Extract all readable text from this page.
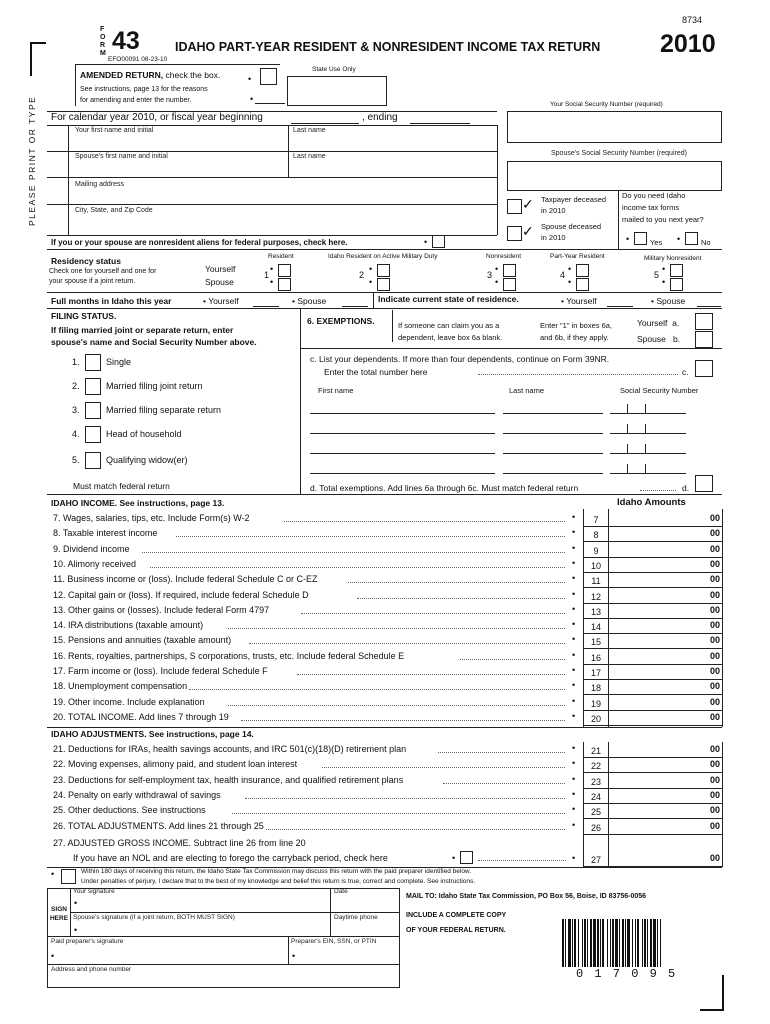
8734
F
O
R
M 43
EFO00091 08-23-10
IDAHO PART-YEAR RESIDENT & NONRESIDENT INCOME TAX RETURN 2010
AMENDED RETURN, check the box.	•
See instructions, page 13 for the reasons
for amending and enter the number.	•
State Use Only
Your Social Security Number (required)
For calendar year 2010, or fiscal year beginning	, ending
PLEASE PRINT OR TYPE	Your first name and initial	Last name
Spouse's first name and initial	Last name	Spouse's Social Security Number (required)
Mailing address
City, State, and Zip Code	✓ Taxpayer deceased
in 2010
✓ Spouse deceased
in 2010
Do you need Idaho
income tax forms
mailed to you next year?
•	Yes •	No
If you or your spouse are nonresident aliens for federal purposes, check here.	•
Residency status
Check one for yourself and one for
your spouse if a joint return.
Yourself
Spouse
Resident	Idaho Resident on Active Military Duty	Nonresident	Part-Year Resident	Military Nonresident
1
•
•
2
•
•
3
•
•
4
•
•
5
•
•
Full months in Idaho this year	• Yourself	• Spouse	Indicate current state of residence.	• Yourself	• Spouse
FILING STATUS.
If filing married joint or separate return, enter
spouse's name and Social Security Number above.
1.	Single
2.	Married filing joint return
3.	Married filing separate return
4.	Head of household
5.	Qualifying widow(er)
Must match federal return
6. EXEMPTIONS.	If someone can claim you as a
dependent, leave box 6a blank.
Enter "1" in boxes 6a,
and 6b, if they apply.
Yourself a.
Spouse b.
c. List your dependents. If more than four dependents, continue on Form 39NR.
Enter the total number here	c.
First name	Last name	Social Security Number
d. Total exemptions. Add lines 6a through 6c. Must match federal return	d.
IDAHO INCOME. See instructions, page 13.	Idaho Amounts
7. Wages, salaries, tips, etc. Include Form(s) W-2	•	7	00
8. Taxable interest income	•	8	00
9. Dividend income	•	9	00
10. Alimony received	•	10	00
11. Business income or (loss). Include federal Schedule C or C-EZ	•	11	00
12. Capital gain or (loss). If required, include federal Schedule D	•	12	00
13. Other gains or (losses). Include federal Form 4797	•	13	00
14. IRA distributions (taxable amount)	•	14	00
15. Pensions and annuities (taxable amount)	•	15	00
16. Rents, royalties, partnerships, S corporations, trusts, etc. Include federal Schedule E	•	16	00
17. Farm income or (loss). Include federal Schedule F	•	17	00
18. Unemployment compensation	•	18	00
19. Other income. Include explanation	•	19	00
20. TOTAL INCOME. Add lines 7 through 19	•	20	00
IDAHO ADJUSTMENTS. See instructions, page 14.
21. Deductions for IRAs, health savings accounts, and IRC 501(c)(18)(D) retirement plan	•	21	00
22. Moving expenses, alimony paid, and student loan interest	•	22	00
23. Deductions for self-employment tax, health insurance, and qualified retirement plans	•	23	00
24. Penalty on early withdrawal of savings	•	24	00
25. Other deductions. See instructions	•	25	00
26. TOTAL ADJUSTMENTS. Add lines 21 through 25	•	26	00
27. ADJUSTED GROSS INCOME. Subtract line 26 from line 20
If you have an NOL and are electing to forego the carryback period, check here	•	•	27	00
•	Within 180 days of receiving this return, the Idaho State Tax Commission may discuss this return with the paid preparer identified below.
Under penalties of perjury, I declare that to the best of my knowledge and belief this return is true, correct and complete. See instructions.
SIGN
HERE
Your signature
•
Date
Spouse's signature (if a joint return, BOTH MUST SIGN)
•
Daytime phone
Paid preparer's signature
•
Preparer's EIN, SSN, or PTIN
•
Address and phone number
MAIL TO: Idaho State Tax Commission, PO Box 56, Boise, ID 83756-0056
INCLUDE A COMPLETE COPY
OF YOUR FEDERAL RETURN.
0 1 7 0 9 5
